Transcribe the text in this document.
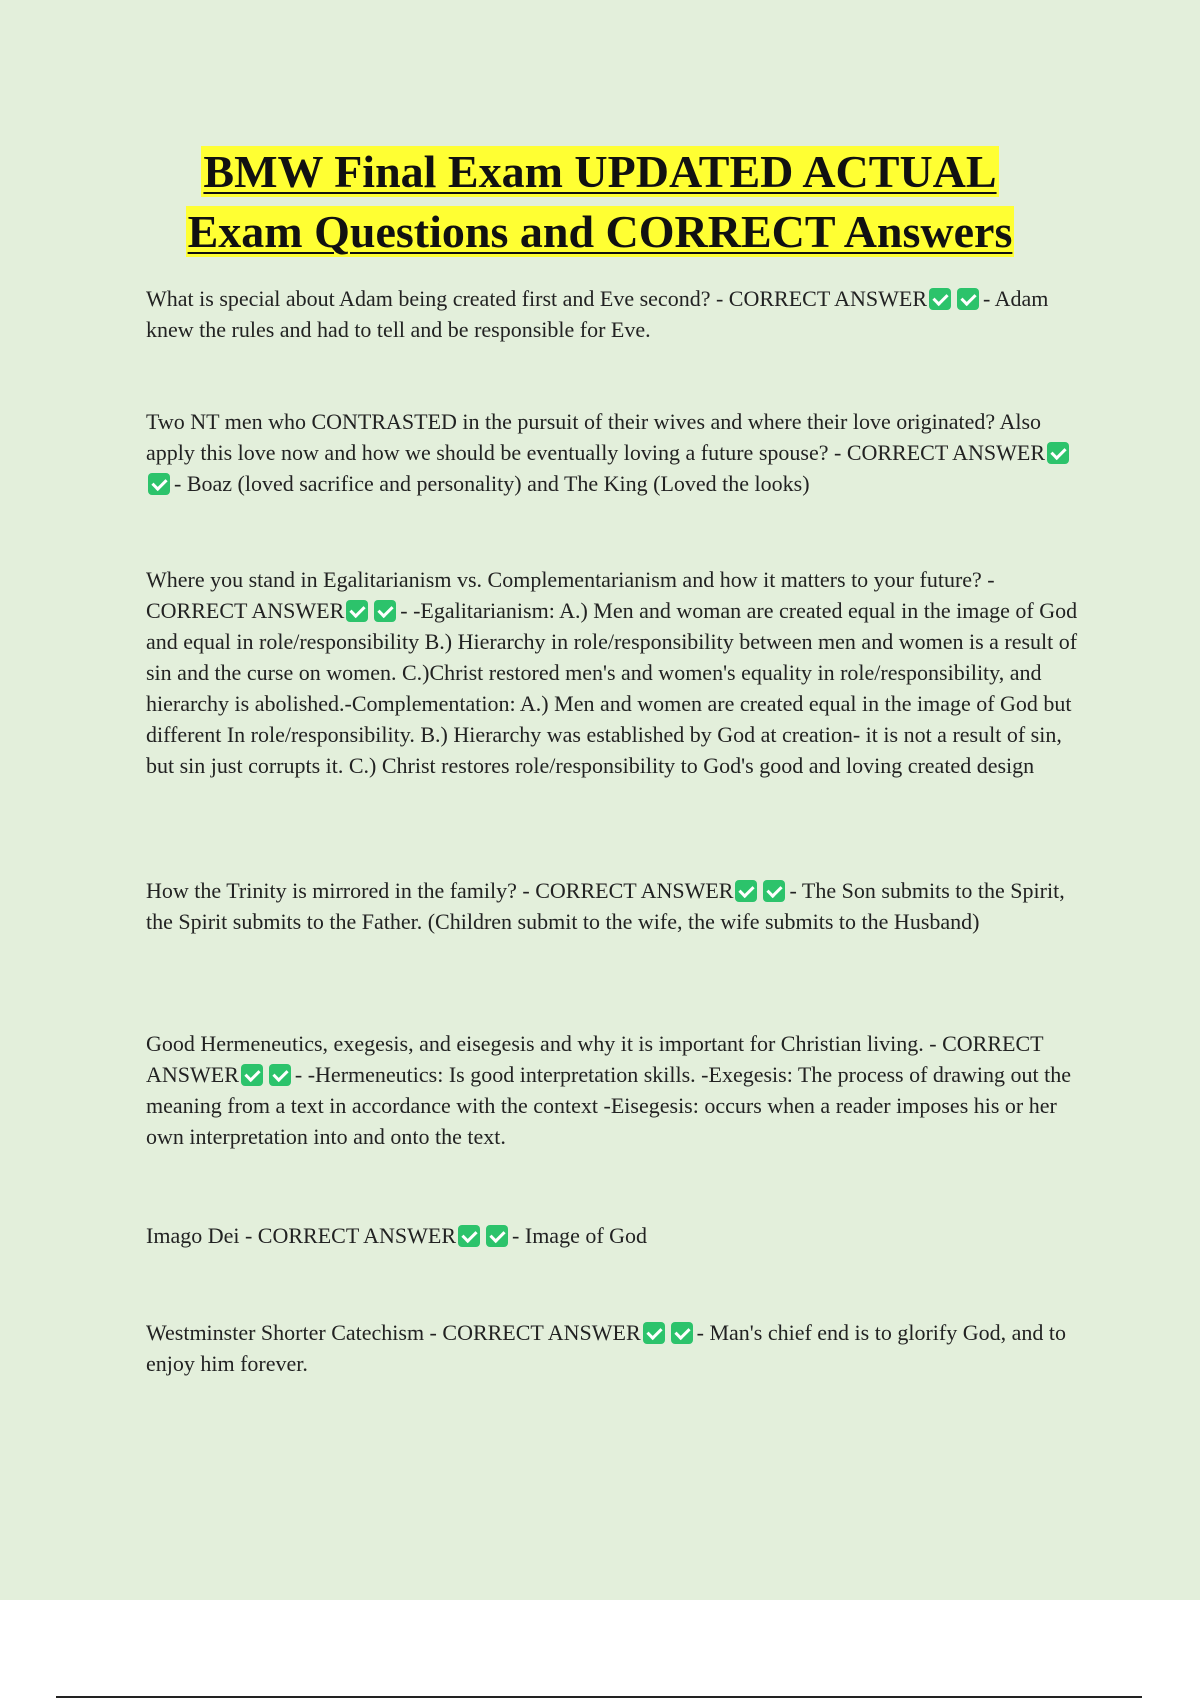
BMW Final Exam UPDATED ACTUAL
Exam Questions and CORRECT Answers

What is special about Adam being created first and Eve second? - CORRECT ANSWER	- Adam knew the rules and had to tell and be responsible for Eve.

Two NT men who CONTRASTED in the pursuit of their wives and where their love originated? Also apply this love now and how we should be eventually loving a future spouse? - CORRECT ANSWER- Boaz (loved sacrifice and personality) and The King (Loved the looks)

Where you stand in Egalitarianism vs. Complementarianism and how it matters to your future? - CORRECT ANSWER	- -Egalitarianism: A.) Men and woman are created equal in the image of God and equal in role/responsibility B.) Hierarchy in role/responsibility between men and women is a result of sin and the curse on women. C.)Christ restored men's and women's equality in role/responsibility, and hierarchy is abolished.-Complementation: A.) Men and women are created equal in the image of God but different In role/responsibility. B.) Hierarchy was established by God at creation- it is not a result of sin, but sin just corrupts it. C.) Christ restores role/responsibility to God's good and loving created design

How the Trinity is mirrored in the family? - CORRECT ANSWER	- The Son submits to the Spirit, the Spirit submits to the Father. (Children submit to the wife, the wife submits to the Husband)

Good Hermeneutics, exegesis, and eisegesis and why it is important for Christian living. - CORRECT ANSWER	- -Hermeneutics: Is good interpretation skills. -Exegesis: The process of drawing out the meaning from a text in accordance with the context -Eisegesis: occurs when a reader imposes his or her own interpretation into and onto the text.

Imago Dei - CORRECT ANSWER	- Image of God

Westminster Shorter Catechism - CORRECT ANSWER	- Man's chief end is to glorify God, and to enjoy him forever.
